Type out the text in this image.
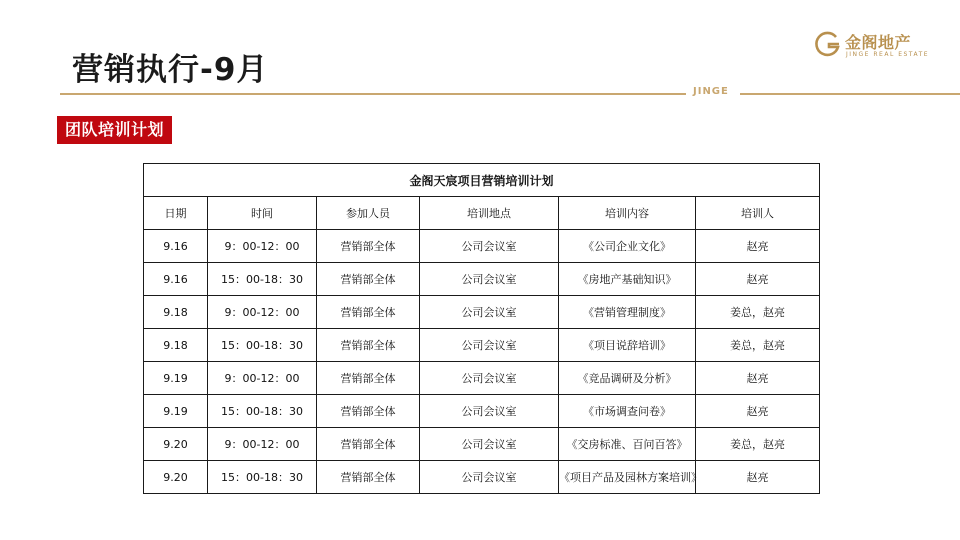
营销执行-9月
金阁地产
JINGE REAL ESTATE
JINGE
团队培训计划
金阁天宸项目营销培训计划					
日期	时间	参加人员	培训地点	培训内容	培训人
9.16	9：00-12：00	营销部全体	公司会议室	《公司企业文化》	赵亮
9.16	15：00-18：30	营销部全体	公司会议室	《房地产基础知识》	赵亮
9.18	9：00-12：00	营销部全体	公司会议室	《营销管理制度》	姜总，赵亮
9.18	15：00-18：30	营销部全体	公司会议室	《项目说辞培训》	姜总，赵亮
9.19	9：00-12：00	营销部全体	公司会议室	《竞品调研及分析》	赵亮
9.19	15：00-18：30	营销部全体	公司会议室	《市场调查问卷》	赵亮
9.20	9：00-12：00	营销部全体	公司会议室	《交房标准、百问百答》	姜总，赵亮
9.20	15：00-18：30	营销部全体	公司会议室	《项目产品及园林方案培训》	赵亮
